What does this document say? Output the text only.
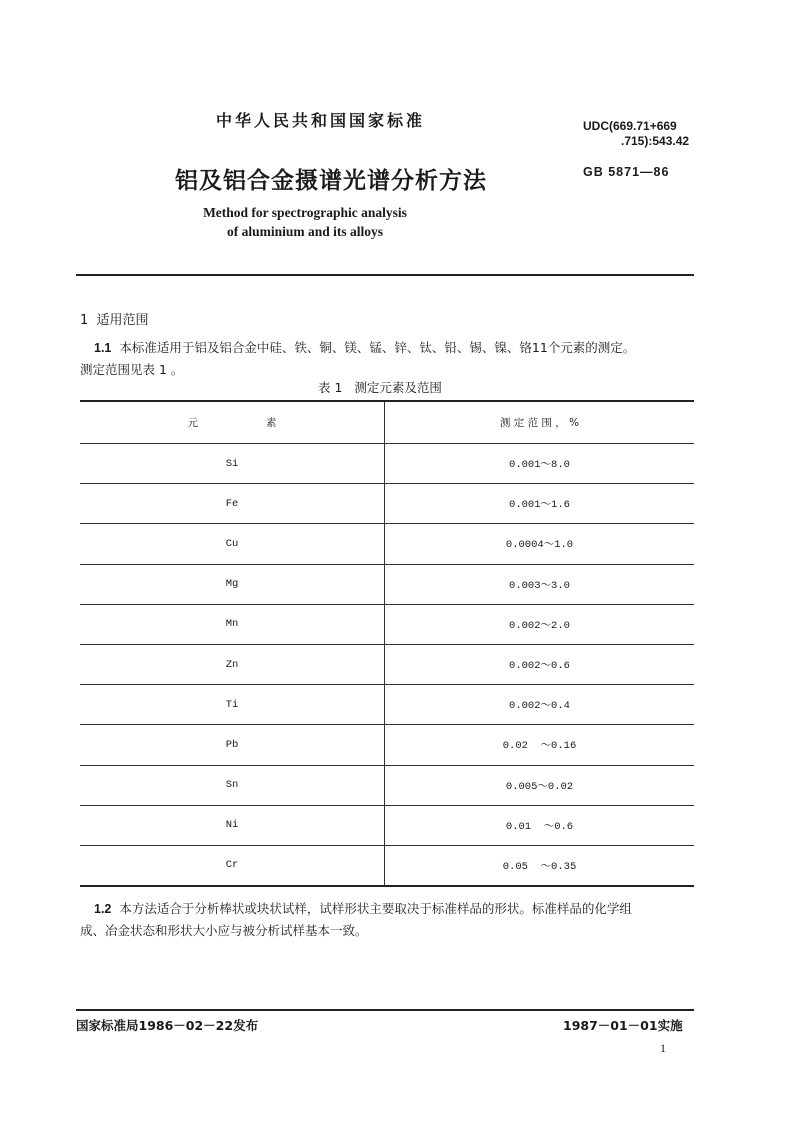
中华人民共和国国家标准	UDC(669.71+669
.715):543.42
铝及铝合金摄谱光谱分析方法	GB 5871—86
Method for spectrographic analysis
of aluminium and its alloys
1  适用范围
1.1 本标准适用于铝及铝合金中硅、铁、铜、镁、锰、锌、钛、铅、锡、镍、铬11个元素的测定。
测定范围见表 1 。
表 1   测定元素及范围
元 素	测 定 范 围 ， %
Si	0.001～8.0
Fe	0.001～1.6
Cu	0.0004～1.0
Mg	0.003～3.0
Mn	0.002～2.0
Zn	0.002～0.6
Ti	0.002～0.4
Pb	0.02  ～0.16
Sn	0.005～0.02
Ni	0.01  ～0.6
Cr	0.05  ～0.35
1.2 本方法适合于分析棒状或块状试样，试样形状主要取决于标准样品的形状。标准样品的化学组
成、冶金状态和形状大小应与被分析试样基本一致。
国家标准局1986－02－22发布	1987－01－01实施
1
